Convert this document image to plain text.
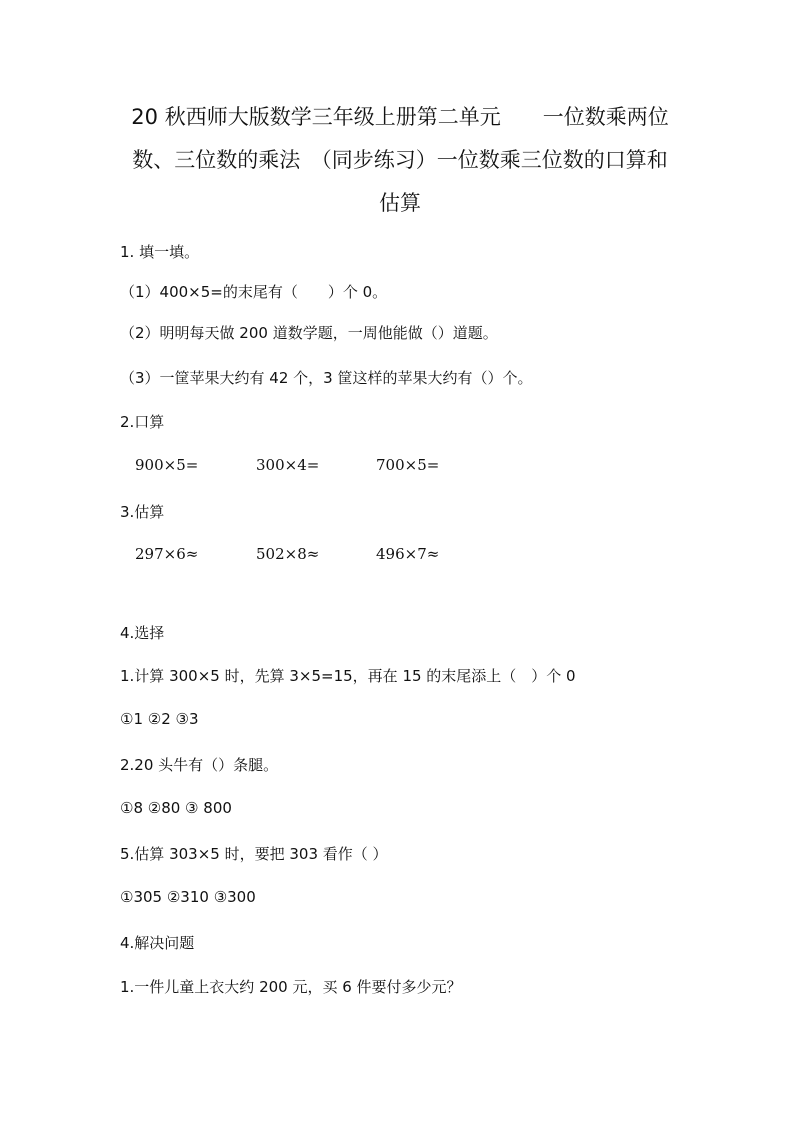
20 秋西师大版数学三年级上册第二单元　　一位数乘两位
数、三位数的乘法　（同步练习）一位数乘三位数的口算和
估算
1. 填一填。
（1）400×5=的末尾有（　　）个 0。
（2）明明每天做 200 道数学题，一周他能做（）道题。
（3）一筐苹果大约有 42 个，3 筐这样的苹果大约有（）个。
2.口算
900×5=	300×4=	700×5=
3.估算
297×6≈	502×8≈	496×7≈
4.选择
1.计算 300×5 时，先算 3×5=15，再在 15 的末尾添上（　）个 0
①1 ②2 ③3
2.20 头牛有（）条腿。
①8 ②80 ③ 800
5.估算 303×5 时，要把 303 看作（ ）
①305 ②310 ③300
4.解决问题
1.一件儿童上衣大约 200 元，买 6 件要付多少元？
